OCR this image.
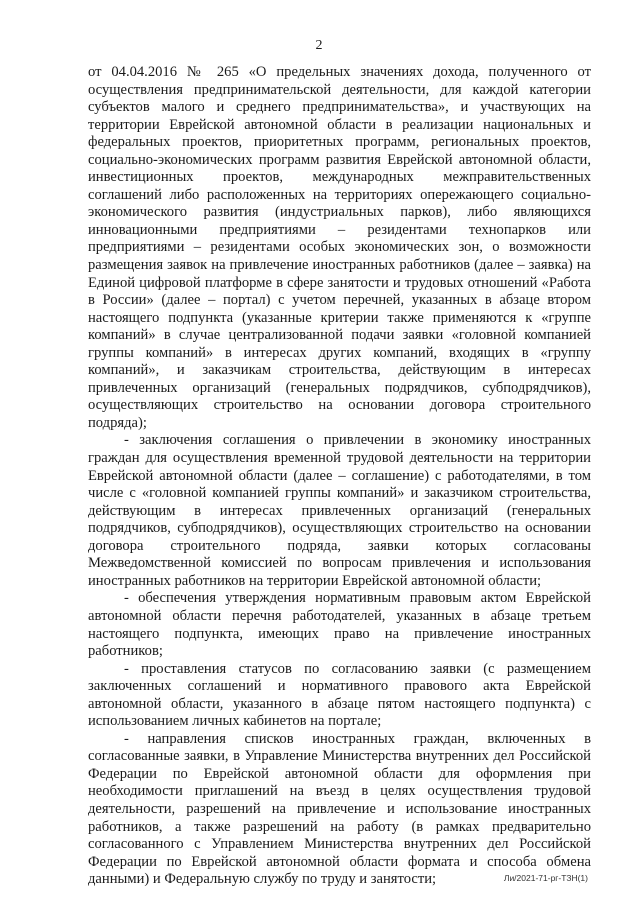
2

от 04.04.2016 № 265 «О предельных значениях дохода, полученного от осуществления предпринимательской деятельности, для каждой категории субъектов малого и среднего предпринимательства», и участвующих на территории Еврейской автономной области в реализации национальных и федеральных проектов, приоритетных программ, региональных проектов, социально-экономических программ развития Еврейской автономной области, инвестиционных проектов, международных межправительственных соглашений либо расположенных на территориях опережающего социально-экономического развития (индустриальных парков), либо являющихся инновационными предприятиями – резидентами технопарков или предприятиями – резидентами особых экономических зон, о возможности размещения заявок на привлечение иностранных работников (далее – заявка) на Единой цифровой платформе в сфере занятости и трудовых отношений «Работа в России» (далее – портал) с учетом перечней, указанных в абзаце втором настоящего подпункта (указанные критерии также применяются к «группе компаний» в случае централизованной подачи заявки «головной компанией группы компаний» в интересах других компаний, входящих в «группу компаний», и заказчикам строительства, действующим в интересах привлеченных организаций (генеральных подрядчиков, субподрядчиков), осуществляющих строительство на основании договора строительного подряда);

- заключения соглашения о привлечении в экономику иностранных граждан для осуществления временной трудовой деятельности на территории Еврейской автономной области (далее – соглашение) с работодателями, в том числе с «головной компанией группы компаний» и заказчиком строительства, действующим в интересах привлеченных организаций (генеральных подрядчиков, субподрядчиков), осуществляющих строительство на основании договора строительного подряда, заявки которых согласованы Межведомственной комиссией по вопросам привлечения и использования иностранных работников на территории Еврейской автономной области;

- обеспечения утверждения нормативным правовым актом Еврейской автономной области перечня работодателей, указанных в абзаце третьем настоящего подпункта, имеющих право на привлечение иностранных работников;

- проставления статусов по согласованию заявки (с размещением заключенных соглашений и нормативного правового акта Еврейской автономной области, указанного в абзаце пятом настоящего подпункта) с использованием личных кабинетов на портале;

- направления списков иностранных граждан, включенных в согласованные заявки, в Управление Министерства внутренних дел Российской Федерации по Еврейской автономной области для оформления при необходимости приглашений на въезд в целях осуществления трудовой деятельности, разрешений на привлечение и использование иностранных работников, а также разрешений на работу (в рамках предварительно согласованного с Управлением Министерства внутренних дел Российской Федерации по Еврейской автономной области формата и способа обмена данными) и Федеральную службу по труду и занятости;	Ли/2021-71-рг-ТЗН(1)
